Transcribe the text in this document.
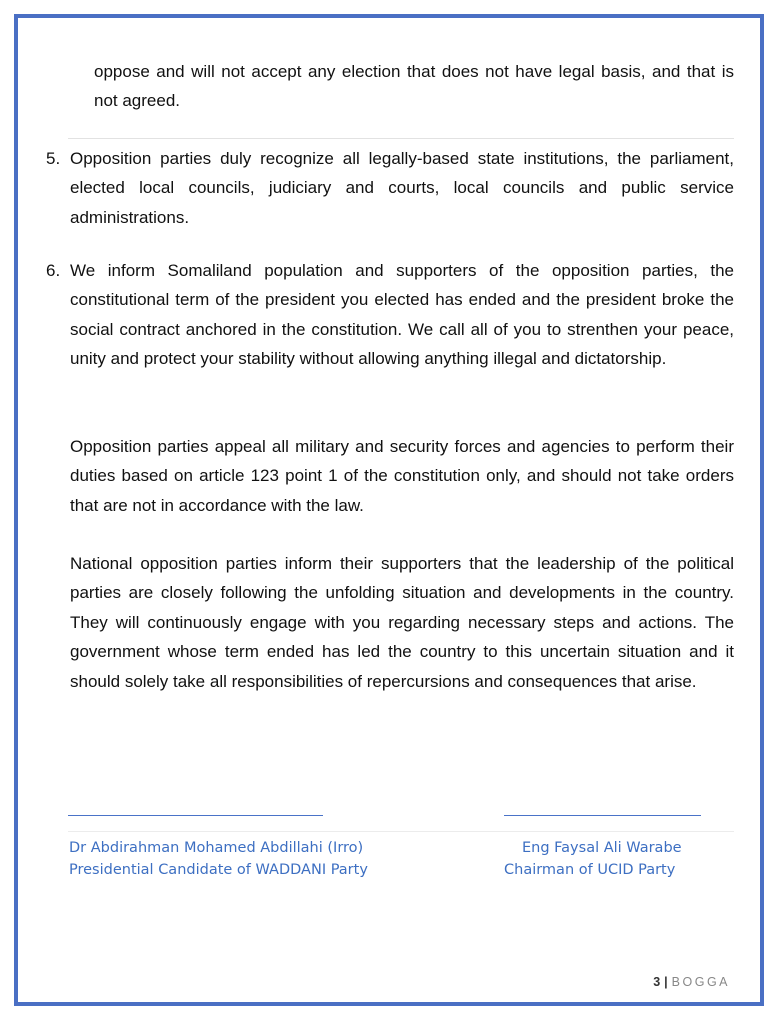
oppose and will not accept any election that does not have legal basis, and that is not agreed.

5. Opposition parties duly recognize all legally-based state institutions, the parliament, elected local councils, judiciary and courts, local councils and public service administrations.

6. We inform Somaliland population and supporters of the opposition parties, the constitutional term of the president you elected has ended and the president broke the social contract anchored in the constitution. We call all of you to strenthen your peace, unity and protect your stability without allowing anything illegal and dictatorship.

Opposition parties appeal all military and security forces and agencies to perform their duties based on article 123 point 1 of the constitution only, and should not take orders that are not in accordance with the law.

National opposition parties inform their supporters that the leadership of the political parties are closely following the unfolding situation and developments in the country. They will continuously engage with you regarding necessary steps and actions. The government whose term ended has led the country to this uncertain situation and it should solely take all responsibilities of repercursions and consequences that arise.

Dr Abdirahman Mohamed Abdillahi (Irro)
Presidential Candidate of WADDANI Party
Eng Faysal Ali Warabe
Chairman of UCID Party
3 | BOGGA
